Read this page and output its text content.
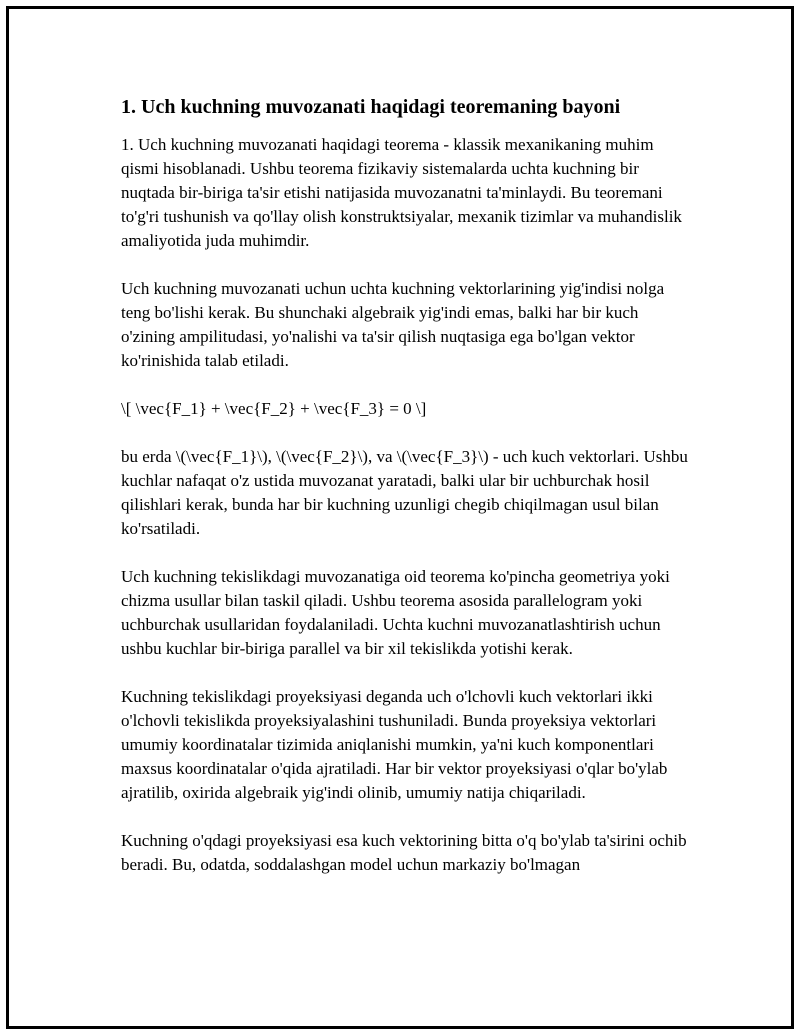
1. Uch kuchning muvozanati haqidagi teoremaning bayoni

1. Uch kuchning muvozanati haqidagi teorema - klassik mexanikaning muhim qismi hisoblanadi. Ushbu teorema fizikaviy sistemalarda uchta kuchning bir nuqtada bir-biriga ta'sir etishi natijasida muvozanatni ta'minlaydi. Bu teoremani to'g'ri tushunish va qo'llay olish konstruktsiyalar, mexanik tizimlar va muhandislik amaliyotida juda muhimdir.

Uch kuchning muvozanati uchun uchta kuchning vektorlarining yig'indisi nolga teng bo'lishi kerak. Bu shunchaki algebraik yig'indi emas, balki har bir kuch o'zining ampilitudasi, yo'nalishi va ta'sir qilish nuqtasiga ega bo'lgan vektor ko'rinishida talab etiladi.

\[ \vec{F_1} + \vec{F_2} + \vec{F_3} = 0 \]

bu erda \(\vec{F_1}\), \(\vec{F_2}\), va \(\vec{F_3}\) - uch kuch vektorlari. Ushbu kuchlar nafaqat o'z ustida muvozanat yaratadi, balki ular bir uchburchak hosil qilishlari kerak, bunda har bir kuchning uzunligi chegib chiqilmagan usul bilan ko'rsatiladi.

Uch kuchning tekislikdagi muvozanatiga oid teorema ko'pincha geometriya yoki chizma usullar bilan taskil qiladi. Ushbu teorema asosida parallelogram yoki uchburchak usullaridan foydalaniladi. Uchta kuchni muvozanatlashtirish uchun ushbu kuchlar bir-biriga parallel va bir xil tekislikda yotishi kerak.

Kuchning tekislikdagi proyeksiyasi deganda uch o'lchovli kuch vektorlari ikki o'lchovli tekislikda proyeksiyalashini tushuniladi. Bunda proyeksiya vektorlari umumiy koordinatalar tizimida aniqlanishi mumkin, ya'ni kuch komponentlari maxsus koordinatalar o'qida ajratiladi. Har bir vektor proyeksiyasi o'qlar bo'ylab ajratilib, oxirida algebraik yig'indi olinib, umumiy natija chiqariladi.

Kuchning o'qdagi proyeksiyasi esa kuch vektorining bitta o'q bo'ylab ta'sirini ochib beradi. Bu, odatda, soddalashgan model uchun markaziy bo'lmagan
